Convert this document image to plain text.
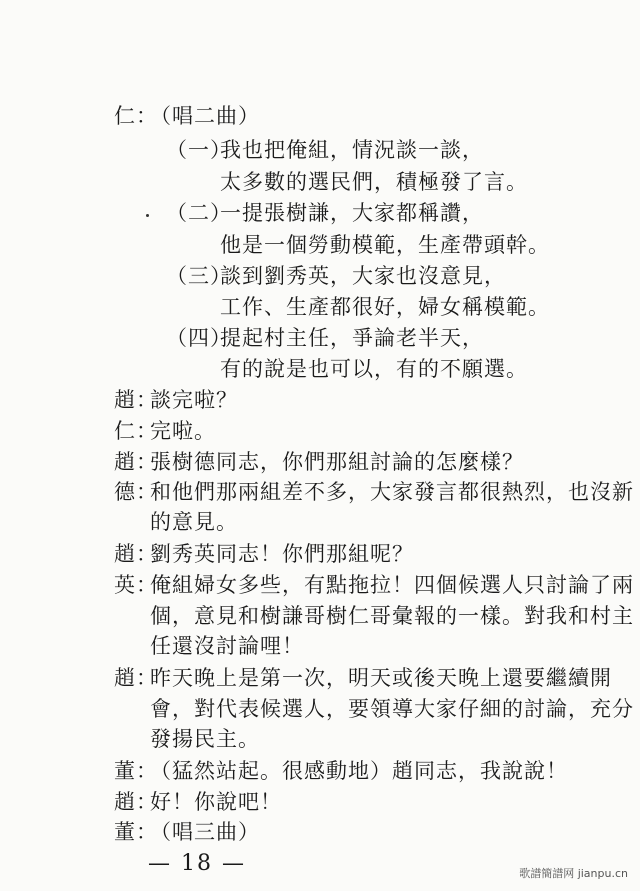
仁：（唱二曲）
（一）我也把俺組，情況談一談，
太多數的選民們，積極發了言。
（二）一提張樹謙，大家都稱讚，
他是一個勞動模範，生產帶頭幹。
（三）談到劉秀英，大家也沒意見，
工作、生產都很好，婦女稱模範。
（四）提起村主任，爭論老半天，
有的說是也可以，有的不願選。
趙：談完啦？
仁：完啦。
趙：張樹德同志，你們那組討論的怎麼樣？
德：和他們那兩組差不多，大家發言都很熱烈，也沒新
的意見。
趙：劉秀英同志！你們那組呢？
英：俺組婦女多些，有點拖拉！四個候選人只討論了兩
個，意見和樹謙哥樹仁哥彙報的一樣。對我和村主
任還沒討論哩！
趙：昨天晚上是第一次，明天或後天晚上還要繼續開
會，對代表候選人，要領導大家仔細的討論，充分
發揚民主。
董：（猛然站起。很感動地）趙同志，我說說！
趙：好！你說吧！
董：（唱三曲）
— 18 —	歌譜簡譜网 jianpu.cn
